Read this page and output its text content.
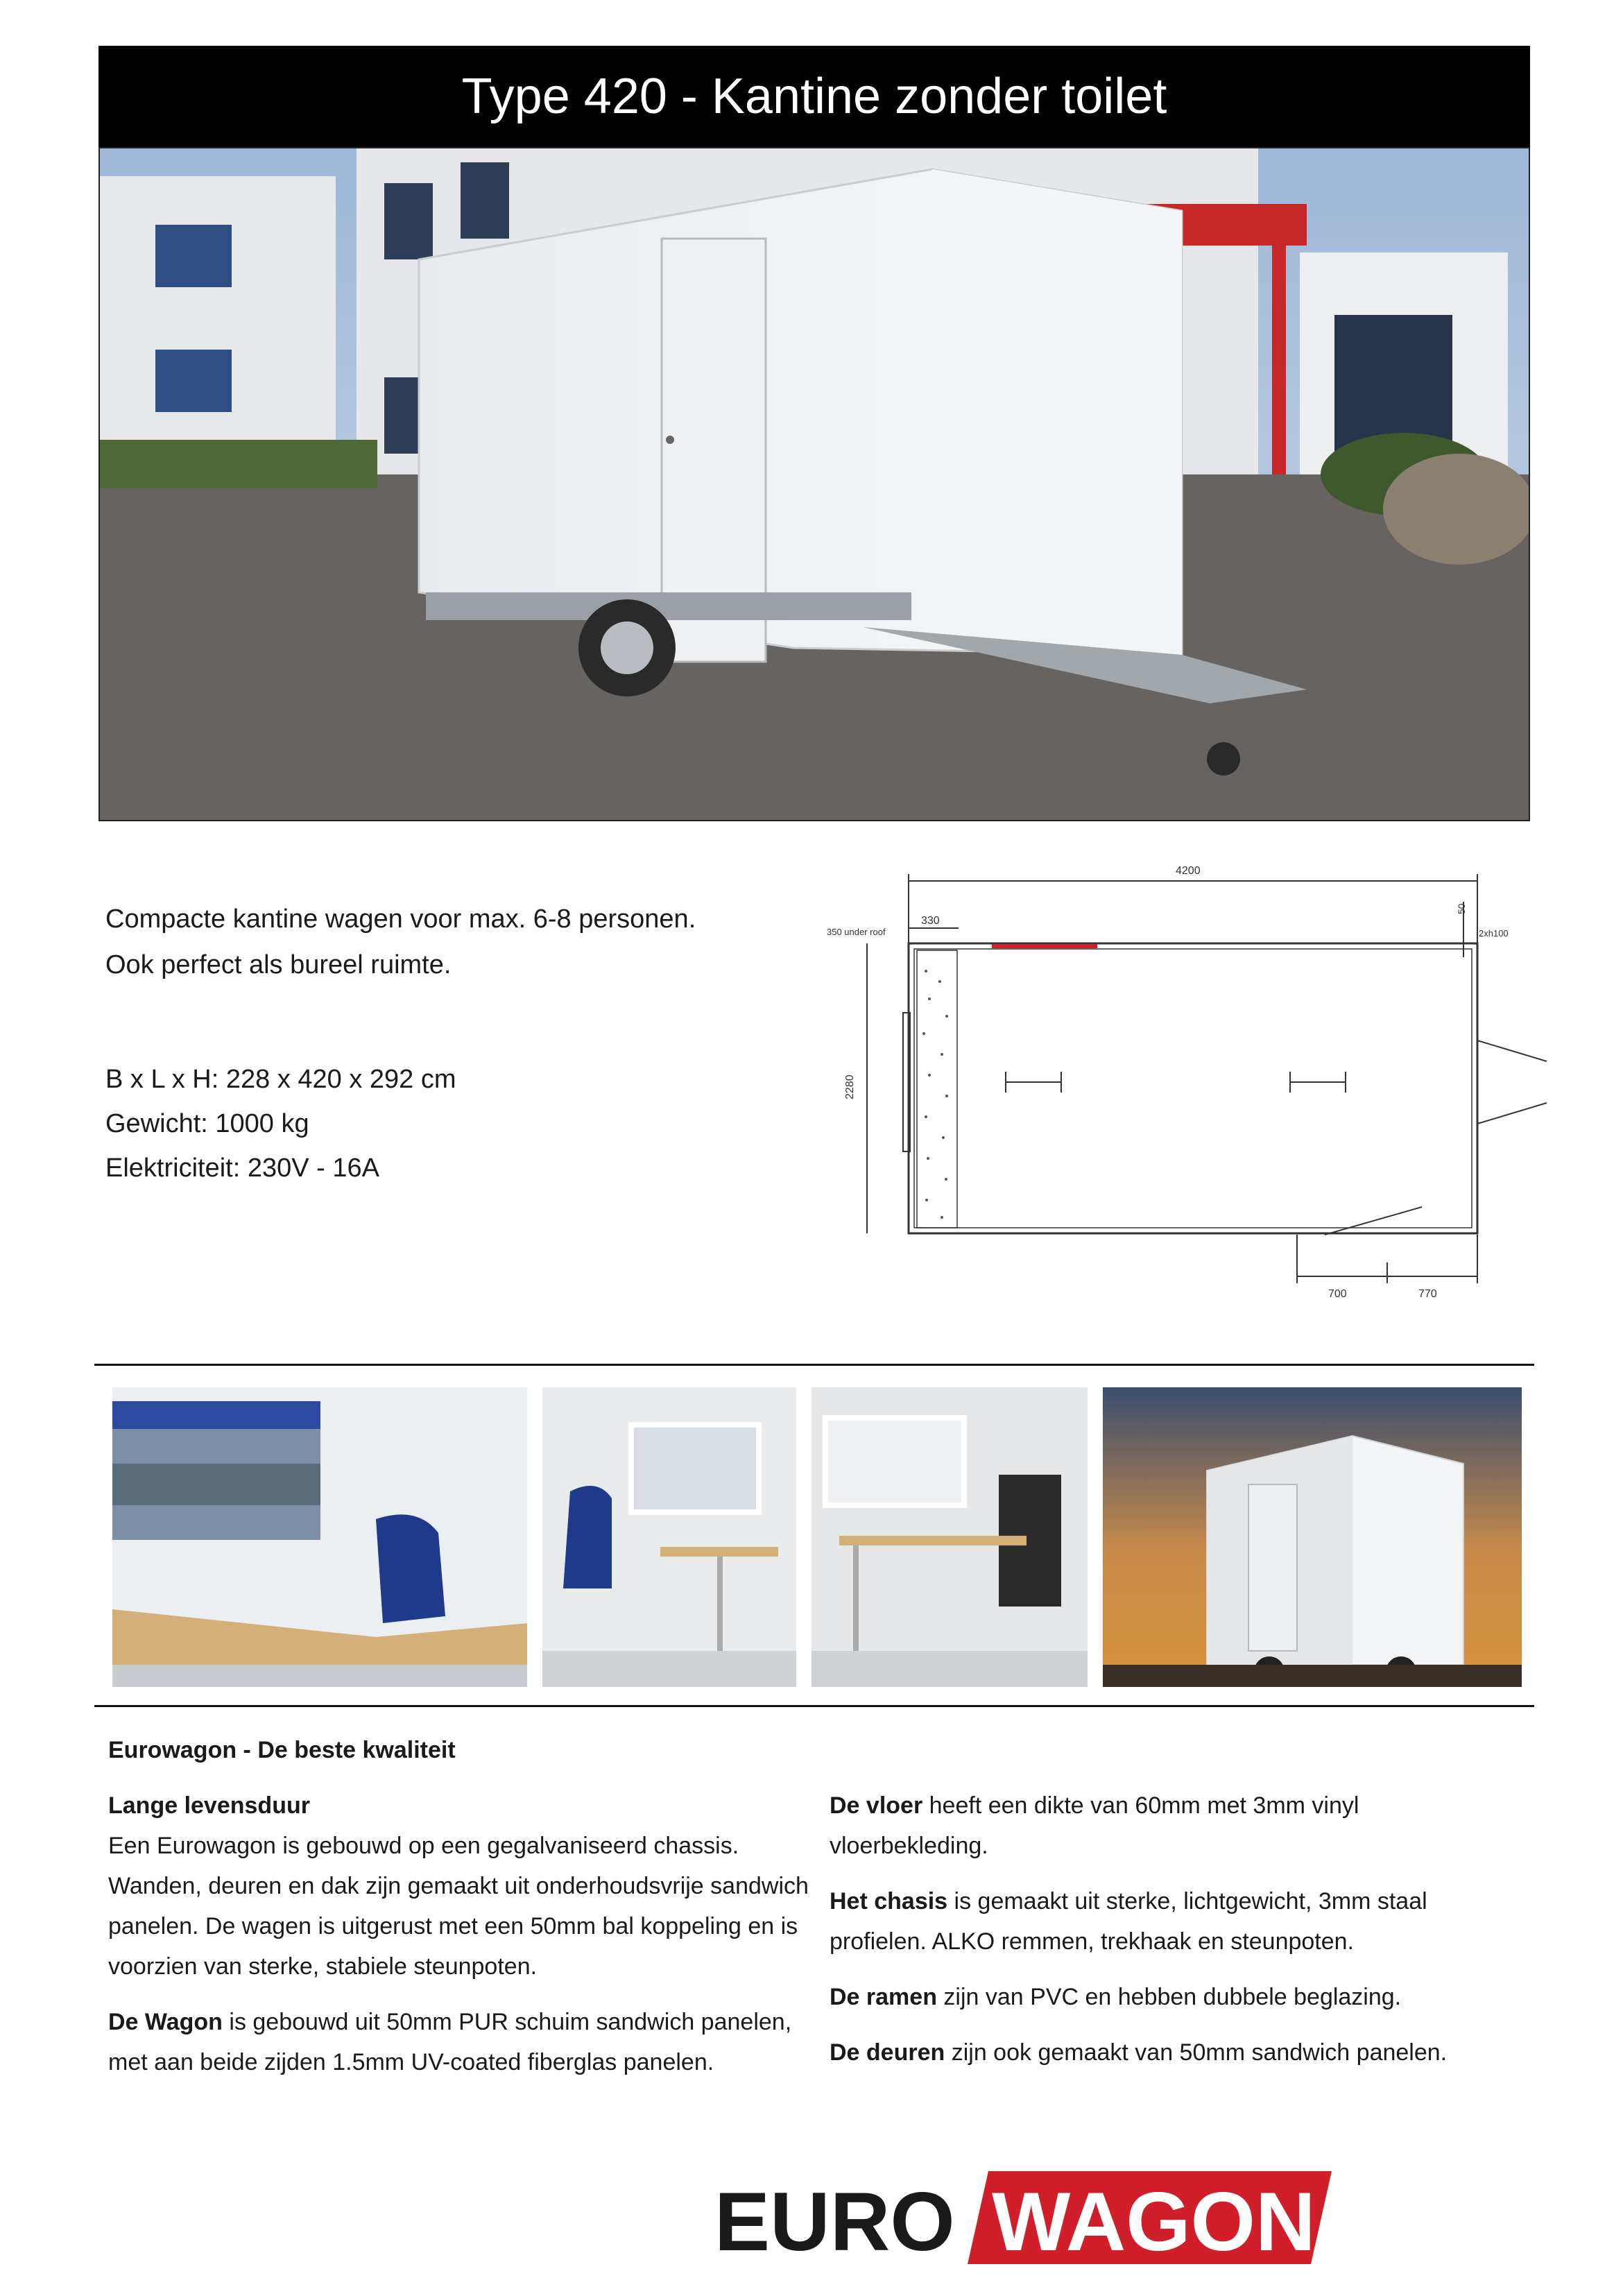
Type 420 - Kantine zonder toilet
Compacte kantine wagen voor max. 6-8 personen.
Ook perfect als bureel ruimte.
B x L x H: 228 x 420 x 292 cm
Gewicht: 1000 kg
Elektriciteit: 230V - 16A
4200
330
350 under roof
50
2xh100
2280
700	770
Eurowagon - De beste kwaliteit
Lange levensduur

Een Eurowagon is gebouwd op een gegalvaniseerd chassis. Wanden, deuren en dak zijn gemaakt uit onderhoudsvrije sandwich panelen. De wagen is uitgerust met een 50mm bal koppeling en is voorzien van sterke, stabiele steunpoten.

De Wagon is gebouwd uit 50mm PUR schuim sandwich panelen, met aan beide zijden 1.5mm UV-coated fiberglas panelen.

De vloer heeft een dikte van 60mm met 3mm vinyl vloerbekleding.

Het chasis is gemaakt uit sterke, lichtgewicht, 3mm staal profielen. ALKO remmen, trekhaak en steunpoten.

De ramen zijn van PVC en hebben dubbele beglazing.

De deuren zijn ook gemaakt van 50mm sandwich panelen.

EURO WAGON
